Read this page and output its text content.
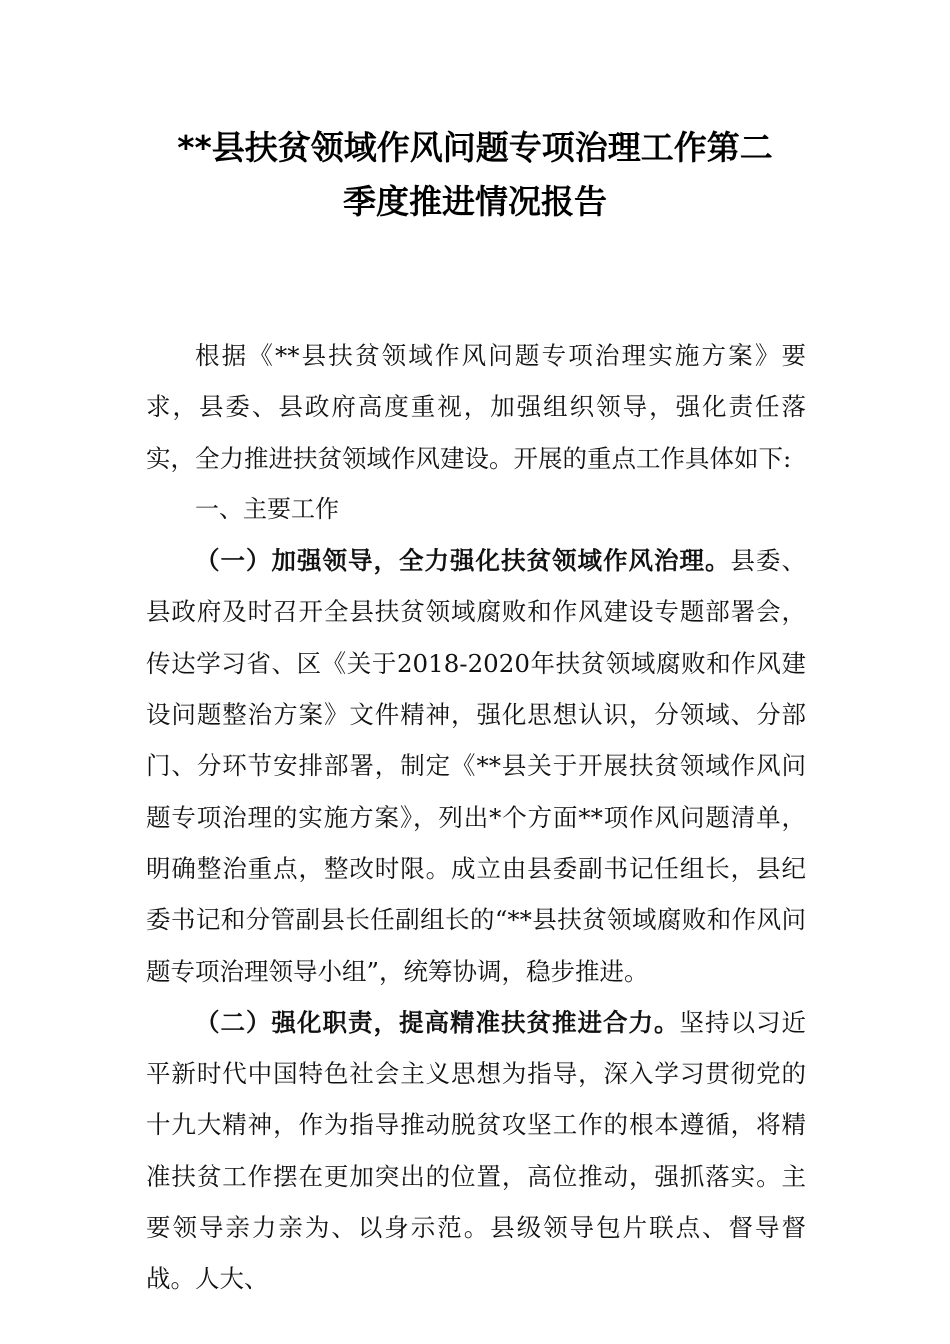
**县扶贫领域作风问题专项治理工作第二
季度推进情况报告

根据《**县扶贫领域作风问题专项治理实施方案》要求，县委、县政府高度重视，加强组织领导，强化责任落实，全力推进扶贫领域作风建设。开展的重点工作具体如下:

一、主要工作

（一）加强领导，全力强化扶贫领域作风治理。县委、县政府及时召开全县扶贫领域腐败和作风建设专题部署会，传达学习省、区《关于2018-2020年扶贫领域腐败和作风建设问题整治方案》文件精神，强化思想认识，分领域、分部门、分环节安排部署，制定《**县关于开展扶贫领域作风问题专项治理的实施方案》，列出*个方面**项作风问题清单，明确整治重点，整改时限。成立由县委副书记任组长，县纪委书记和分管副县长任副组长的“**县扶贫领域腐败和作风问题专项治理领导小组”，统筹协调，稳步推进。

（二）强化职责，提高精准扶贫推进合力。坚持以习近平新时代中国特色社会主义思想为指导，深入学习贯彻党的十九大精神，作为指导推动脱贫攻坚工作的根本遵循，将精准扶贫工作摆在更加突出的位置，高位推动，强抓落实。主要领导亲力亲为、以身示范。县级领导包片联点、督导督战。人大、
